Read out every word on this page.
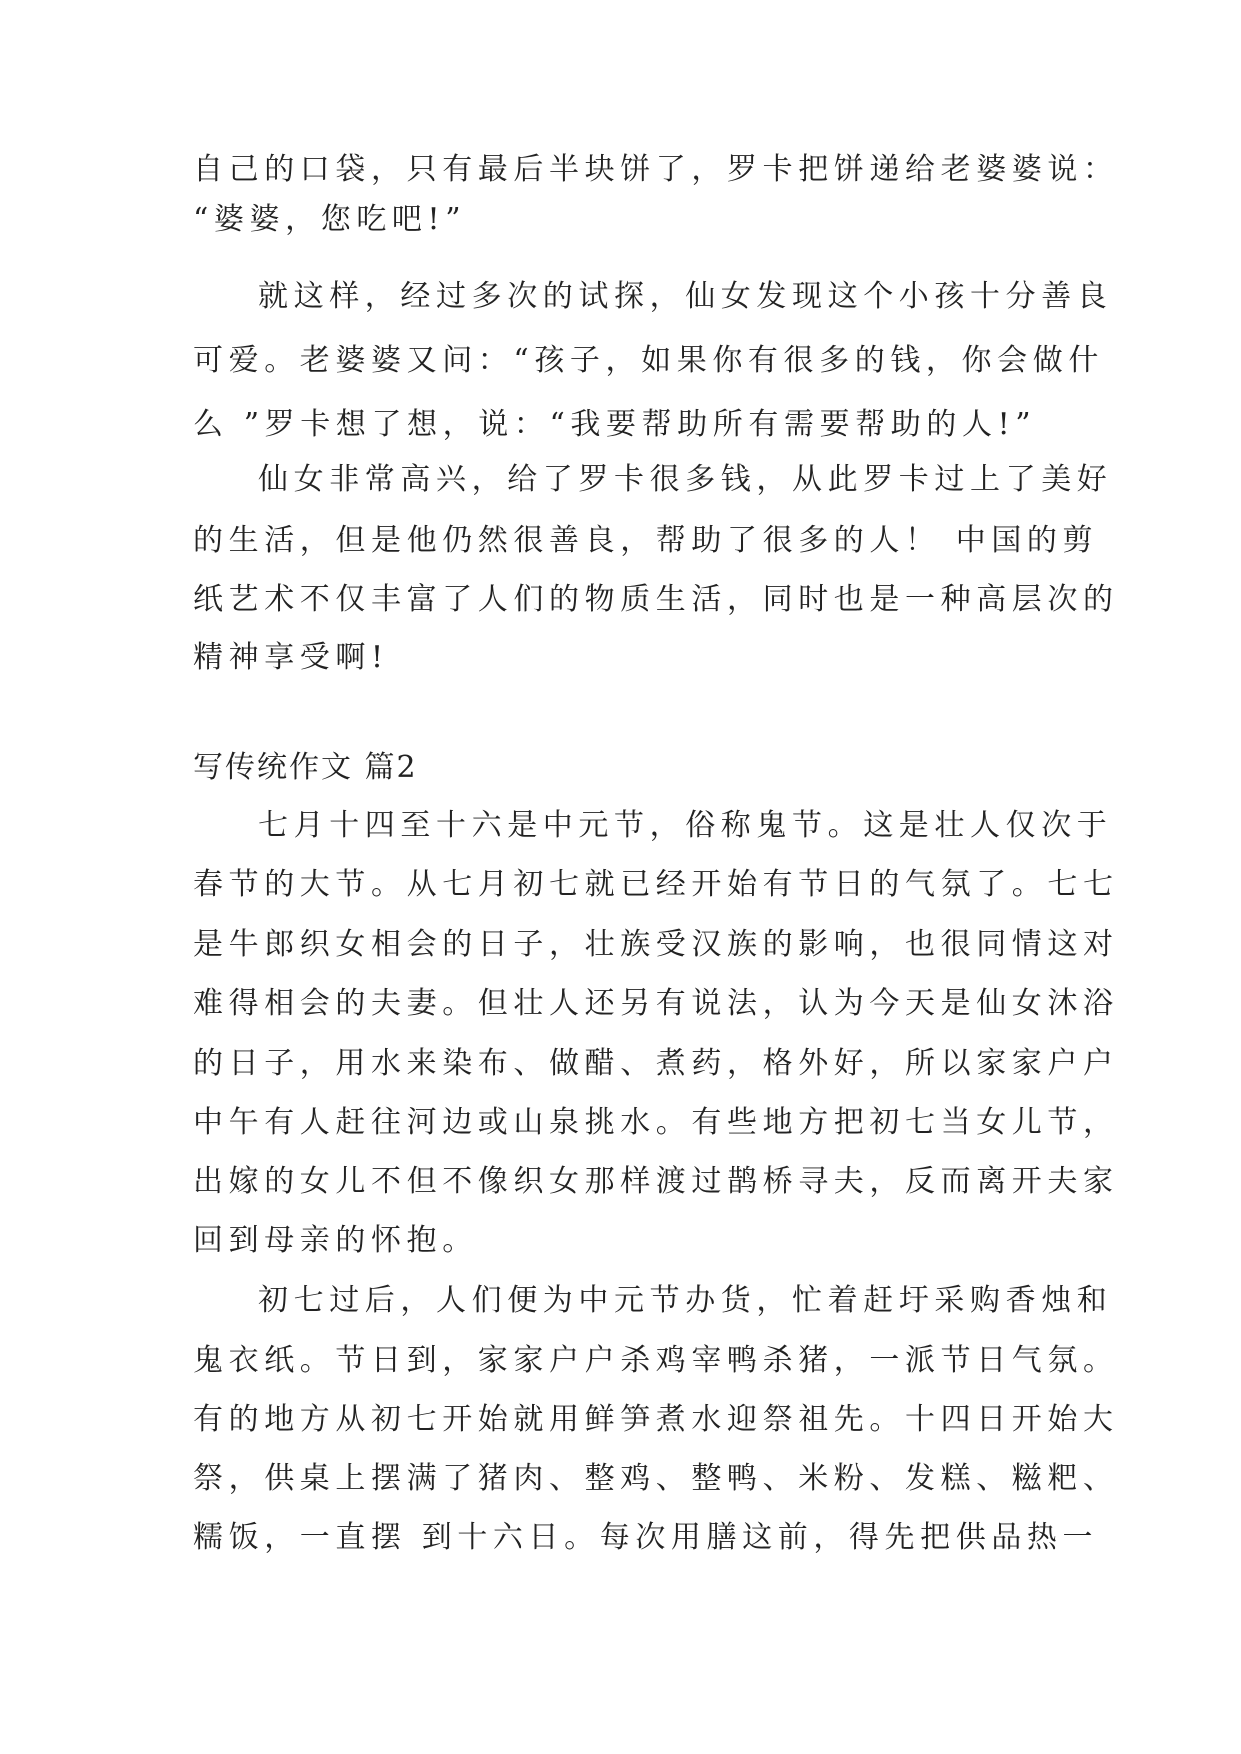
自己的口袋，只有最后半块饼了，罗卡把饼递给老婆婆说：
“婆婆，您吃吧!”
就这样，经过多次的试探，仙女发现这个小孩十分善良
可爱。老婆婆又问：“孩子，如果你有很多的钱，你会做什
么 ”罗卡想了想，说：“我要帮助所有需要帮助的人!”
仙女非常高兴，给了罗卡很多钱，从此罗卡过上了美好
的生活，但是他仍然很善良，帮助了很多的人！ 中国的剪
纸艺术不仅丰富了人们的物质生活，同时也是一种高层次的
精神享受啊!
写传统作文 篇2
七月十四至十六是中元节，俗称鬼节。这是壮人仅次于
春节的大节。从七月初七就已经开始有节日的气氛了。七七
是牛郎织女相会的日子，壮族受汉族的影响，也很同情这对
难得相会的夫妻。但壮人还另有说法，认为今天是仙女沐浴
的日子，用水来染布、做醋、煮药，格外好，所以家家户户
中午有人赶往河边或山泉挑水。有些地方把初七当女儿节，
出嫁的女儿不但不像织女那样渡过鹊桥寻夫，反而离开夫家
回到母亲的怀抱。
初七过后，人们便为中元节办货，忙着赶圩采购香烛和
鬼衣纸。节日到，家家户户杀鸡宰鸭杀猪，一派节日气氛。
有的地方从初七开始就用鲜笋煮水迎祭祖先。十四日开始大
祭，供桌上摆满了猪肉、整鸡、整鸭、米粉、发糕、糍粑、
糯饭，一直摆 到十六日。每次用膳这前，得先把供品热一
